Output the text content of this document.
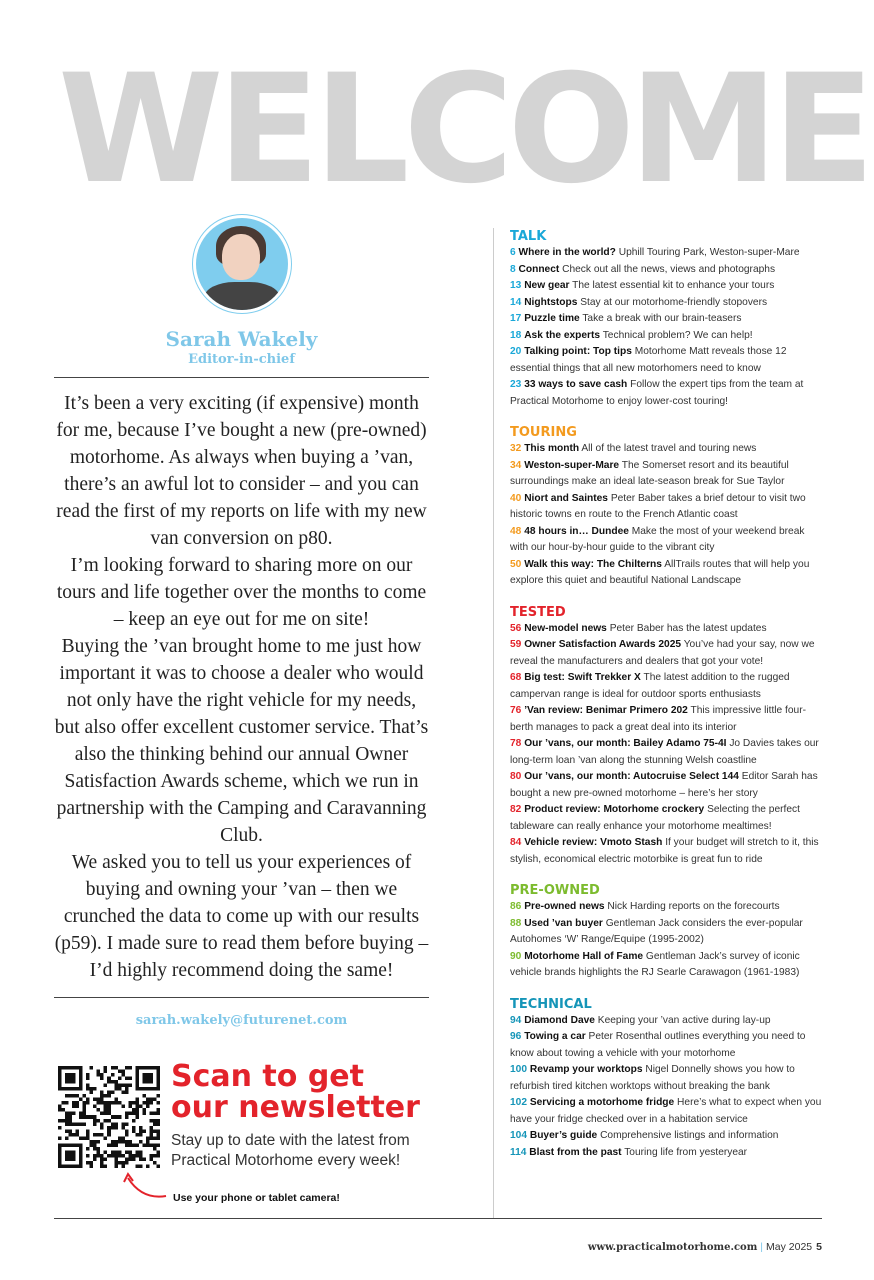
WELCOME
Sarah Wakely
Editor-in-chief

It’s been a very exciting (if expensive) month for me, because I’ve bought a new (pre-owned) motorhome. As always when buying a ’van, there’s an awful lot to consider – and you can read the first of my reports on life with my new van conversion on p80.

I’m looking forward to sharing more on our tours and life together over the months to come – keep an eye out for me on site!

Buying the ’van brought home to me just how important it was to choose a dealer who would not only have the right vehicle for my needs, but also offer excellent customer service. That’s also the thinking behind our annual Owner Satisfaction Awards scheme, which we run in partnership with the Camping and Caravanning Club.

We asked you to tell us your experiences of buying and owning your ’van – then we crunched the data to come up with our results (p59). I made sure to read them before buying – I’d highly recommend doing the same!

sarah.wakely@futurenet.com
Scan to get
our newsletter
Stay up to date with the latest from Practical Motorhome every week!
Use your phone or tablet camera!
TALK
6 Where in the world? Uphill Touring Park, Weston-super-Mare
8 Connect Check out all the news, views and photographs
13 New gear The latest essential kit to enhance your tours
14 Nightstops Stay at our motorhome-friendly stopovers
17 Puzzle time Take a break with our brain-teasers
18 Ask the experts Technical problem? We can help!
20 Talking point: Top tips Motorhome Matt reveals those 12 essential things that all new motorhomers need to know
23 33 ways to save cash Follow the expert tips from the team at Practical Motorhome to enjoy lower-cost touring!
TOURING
32 This month All of the latest travel and touring news
34 Weston-super-Mare The Somerset resort and its beautiful surroundings make an ideal late-season break for Sue Taylor
40 Niort and Saintes Peter Baber takes a brief detour to visit two historic towns en route to the French Atlantic coast
48 48 hours in… Dundee Make the most of your weekend break with our hour-by-hour guide to the vibrant city
50 Walk this way: The Chilterns AllTrails routes that will help you explore this quiet and beautiful National Landscape
TESTED
56 New-model news Peter Baber has the latest updates
59 Owner Satisfaction Awards 2025 You’ve had your say, now we reveal the manufacturers and dealers that got your vote!
68 Big test: Swift Trekker X The latest addition to the rugged campervan range is ideal for outdoor sports enthusiasts
76 ’Van review: Benimar Primero 202 This impressive little four-berth manages to pack a great deal into its interior
78 Our ’vans, our month: Bailey Adamo 75-4I Jo Davies takes our long-term loan ’van along the stunning Welsh coastline
80 Our ’vans, our month: Autocruise Select 144 Editor Sarah has bought a new pre-owned motorhome – here’s her story
82 Product review: Motorhome crockery Selecting the perfect tableware can really enhance your motorhome mealtimes!
84 Vehicle review: Vmoto Stash If your budget will stretch to it, this stylish, economical electric motorbike is great fun to ride
PRE-OWNED
86 Pre-owned news Nick Harding reports on the forecourts
88 Used ’van buyer Gentleman Jack considers the ever-popular Autohomes ‘W’ Range/Equipe (1995-2002)
90 Motorhome Hall of Fame Gentleman Jack’s survey of iconic vehicle brands highlights the RJ Searle Carawagon (1961-1983)
TECHNICAL
94 Diamond Dave Keeping your ’van active during lay-up
96 Towing a car Peter Rosenthal outlines everything you need to know about towing a vehicle with your motorhome
100 Revamp your worktops Nigel Donnelly shows you how to refurbish tired kitchen worktops without breaking the bank
102 Servicing a motorhome fridge Here’s what to expect when you have your fridge checked over in a habitation service
104 Buyer’s guide Comprehensive listings and information
114 Blast from the past Touring life from yesteryear
www.practicalmotorhome.com | May 2025 5
